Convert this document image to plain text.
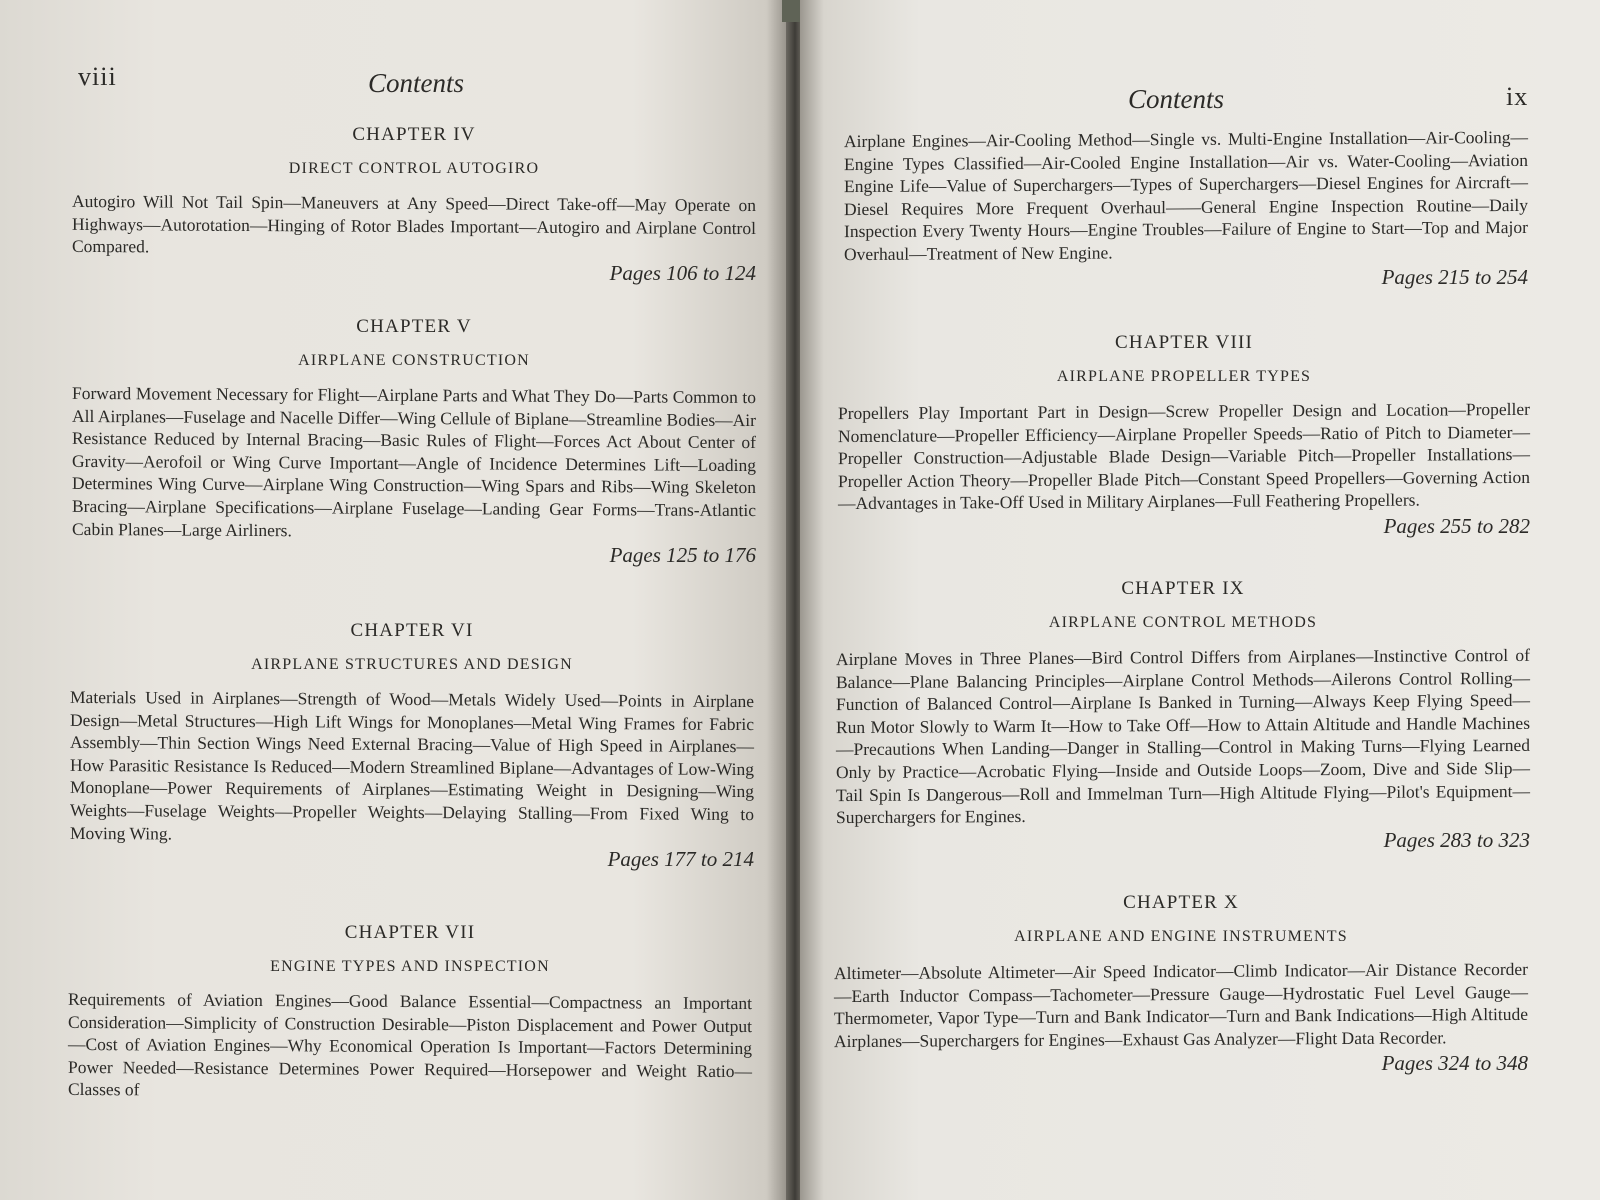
viii	Contents
CHAPTER IV
DIRECT CONTROL AUTOGIRO
Autogiro Will Not Tail Spin—Maneuvers at Any Speed—Direct Take-off—May Operate on Highways—Autorotation—Hinging of Rotor Blades Important—Autogiro and Airplane Control Compared.
Pages 106 to 124
CHAPTER V
AIRPLANE CONSTRUCTION
Forward Movement Necessary for Flight—Airplane Parts and What They Do—Parts Common to All Airplanes—Fuselage and Nacelle Differ—Wing Cellule of Biplane—Streamline Bodies—Air Resistance Reduced by Internal Bracing—Basic Rules of Flight—Forces Act About Center of Gravity—Aerofoil or Wing Curve Important—Angle of Incidence Determines Lift—Loading Determines Wing Curve—Airplane Wing Construction—Wing Spars and Ribs—Wing Skeleton Bracing—Airplane Specifications—Airplane Fuselage—Landing Gear Forms—Trans-Atlantic Cabin Planes—Large Airliners.
Pages 125 to 176
CHAPTER VI
AIRPLANE STRUCTURES AND DESIGN
Materials Used in Airplanes—Strength of Wood—Metals Widely Used—Points in Airplane Design—Metal Structures—High Lift Wings for Monoplanes—Metal Wing Frames for Fabric Assembly—Thin Section Wings Need External Bracing—Value of High Speed in Airplanes—How Parasitic Resistance Is Reduced—Modern Streamlined Biplane—Advantages of Low-Wing Monoplane—Power Requirements of Airplanes—Estimating Weight in Designing—Wing Weights—Fuselage Weights—Propeller Weights—Delaying Stalling—From Fixed Wing to Moving Wing.
Pages 177 to 214
CHAPTER VII
ENGINE TYPES AND INSPECTION
Requirements of Aviation Engines—Good Balance Essential—Compactness an Important Consideration—Simplicity of Construction Desirable—Piston Displacement and Power Output—Cost of Aviation Engines—Why Economical Operation Is Important—Factors Determining Power Needed—Resistance Determines Power Required—Horsepower and Weight Ratio—Classes of
Contents	ix
Airplane Engines—Air-Cooling Method—Single vs. Multi-Engine Installation—Air-Cooling—Engine Types Classified—Air-Cooled Engine Installation—Air vs. Water-Cooling—Aviation Engine Life—Value of Superchargers—Types of Superchargers—Diesel Engines for Aircraft—Diesel Requires More Frequent Overhaul——General Engine Inspection Routine—Daily Inspection Every Twenty Hours—Engine Troubles—Failure of Engine to Start—Top and Major Overhaul—Treatment of New Engine.
Pages 215 to 254
CHAPTER VIII
AIRPLANE PROPELLER TYPES
Propellers Play Important Part in Design—Screw Propeller Design and Location—Propeller Nomenclature—Propeller Efficiency—Airplane Propeller Speeds—Ratio of Pitch to Diameter—Propeller Construction—Adjustable Blade Design—Variable Pitch—Propeller Installations—Propeller Action Theory—Propeller Blade Pitch—Constant Speed Propellers—Governing Action—Advantages in Take-Off Used in Military Airplanes—Full Feathering Propellers.
Pages 255 to 282
CHAPTER IX
AIRPLANE CONTROL METHODS
Airplane Moves in Three Planes—Bird Control Differs from Airplanes—Instinctive Control of Balance—Plane Balancing Principles—Airplane Control Methods—Ailerons Control Rolling—Function of Balanced Control—Airplane Is Banked in Turning—Always Keep Flying Speed—Run Motor Slowly to Warm It—How to Take Off—How to Attain Altitude and Handle Machines—Precautions When Landing—Danger in Stalling—Control in Making Turns—Flying Learned Only by Practice—Acrobatic Flying—Inside and Outside Loops—Zoom, Dive and Side Slip—Tail Spin Is Dangerous—Roll and Immelman Turn—High Altitude Flying—Pilot's Equipment—Superchargers for Engines.
Pages 283 to 323
CHAPTER X
AIRPLANE AND ENGINE INSTRUMENTS
Altimeter—Absolute Altimeter—Air Speed Indicator—Climb Indicator—Air Distance Recorder—Earth Inductor Compass—Tachometer—Pressure Gauge—Hydrostatic Fuel Level Gauge—Thermometer, Vapor Type—Turn and Bank Indicator—Turn and Bank Indications—High Altitude Airplanes—Superchargers for Engines—Exhaust Gas Analyzer—Flight Data Recorder.
Pages 324 to 348
